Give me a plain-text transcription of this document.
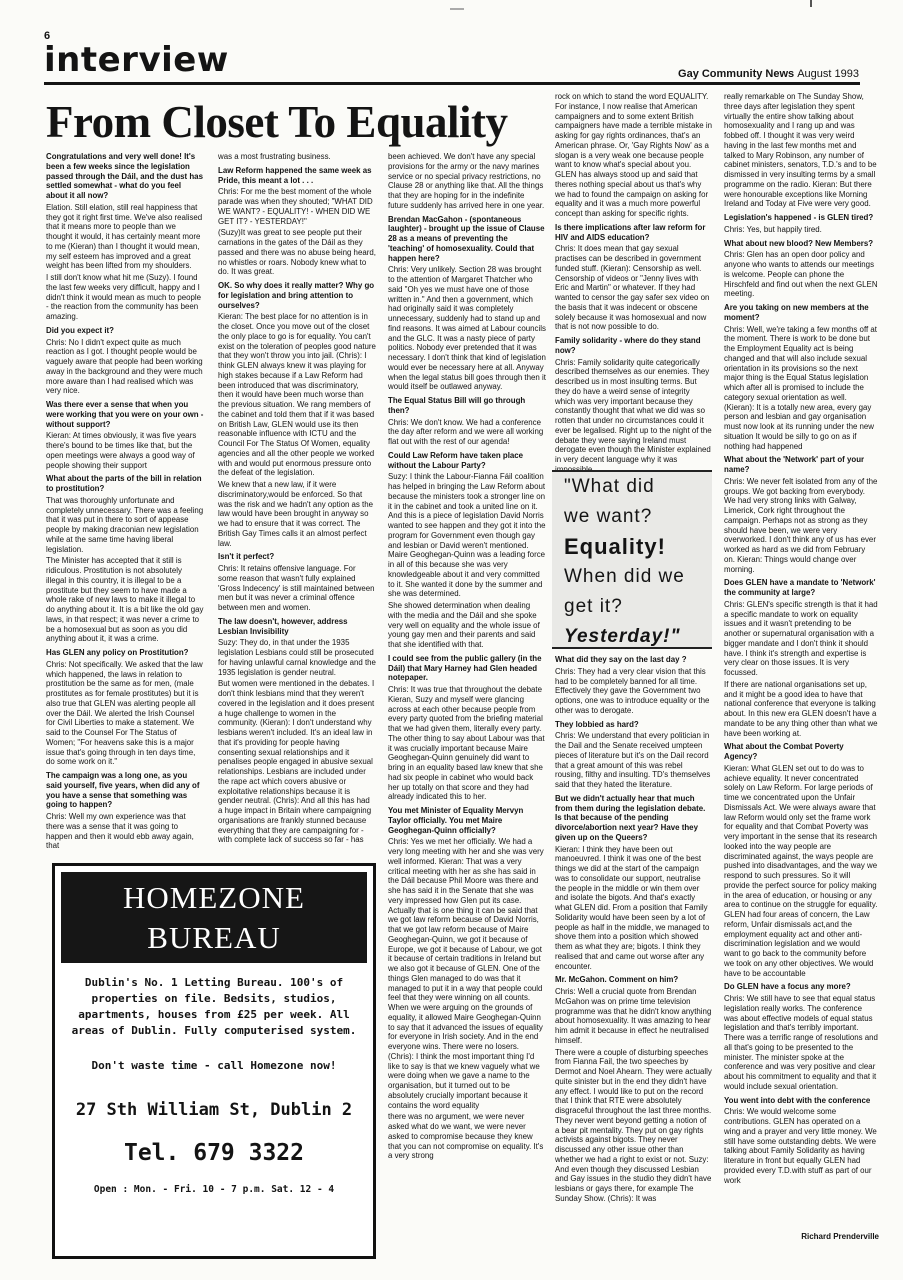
6
interview	Gay Community News August 1993
From Closet To Equality

Congratulations and very well done! It's been a few weeks since the legislation passed through the Dáil, and the dust has settled somewhat - what do you feel about it all now?

Elation. Still elation, still real happiness that they got it right first time. We've also realised that it means more to people than we thought it would, it has certainly meant more to me (Kieran) than I thought it would mean, my self esteem has improved and a great weight has been lifted from my shoulders.

I still don't know what hit me (Suzy). I found the last few weeks very difficult, happy and I didn't think it would mean as much to people - the reaction from the community has been amazing.

Did you expect it?

Chris: No I didn't expect quite as much reaction as I got. I thought people would be vaguely aware that people had been working away in the background and they were much more aware than I had realised which was very nice.

Was there ever a sense that when you were working that you were on your own - without support?

Kieran: At times obviously, it was five years there's bound to be times like that, but the open meetings were always a good way of people showing their support

What about the parts of the bill in relation to prostitution?

That was thoroughly unfortunate and completely unnecessary. There was a feeling that it was put in there to sort of appease people by making draconian new legislation while at the same time having liberal legislation.

The Minister has accepted that it still is ridiculous. Prostitution is not absolutely illegal in this country, it is illegal to be a prostitute but they seem to have made a whole rake of new laws to make it illegal to do anything about it. It is a bit like the old gay laws, in that respect; it was never a crime to be a homosexual but as soon as you did anything about it, it was a crime.

Has GLEN any policy on Prostitution?

Chris: Not specifically. We asked that the law which happened, the laws in relation to prostitution be the same as for men, (male prostitutes as for female prostitutes) but it is also true that GLEN was alerting people all over the Dáil. We alerted the Irish Counsel for Civil Liberties to make a statement. We said to the Counsel For The Status of Women; "For heavens sake this is a major issue that's going through in ten days time, do some work on it."

The campaign was a long one, as you said yourself, five years, when did any of you have a sense that something was going to happen?

Chris: Well my own experience was that there was a sense that it was going to happen and then it would ebb away again, that

was a most frustrating business.

Law Reform happened the same week as Pride, this meant a lot . . .

Chris: For me the best moment of the whole parade was when they shouted; "WHAT DID WE WANT? - EQUALITY! - WHEN DID WE GET IT? - YESTERDAY!"

(Suzy)It was great to see people put their carnations in the gates of the Dáil as they passed and there was no abuse being heard, no whistles or roars. Nobody knew what to do. It was great.

OK. So why does it really matter? Why go for legislation and bring attention to ourselves?

Kieran: The best place for no attention is in the closet. Once you move out of the closet the only place to go is for equality. You can't exist on the toleration of peoples good nature that they won't throw you into jail. (Chris): I think GLEN always knew it was playing for high stakes because if a Law Reform had been introduced that was discriminatory, then it would have been much worse than the previous situation. We rang members of the cabinet and told them that if it was based on British Law, GLEN would use its then reasonable influence with ICTU and the Council For The Status Of Women, equality agencies and all the other people we worked with and would put enormous pressure onto the defeat of the legislation.

We knew that a new law, if it were discriminatory,would be enforced. So that was the risk and we hadn't any option as the law would have been brought in anyway so we had to ensure that it was correct. The British Gay Times calls it an almost perfect law.

Isn't it perfect?

Chris: It retains offensive language. For some reason that wasn't fully explained 'Gross Indecency' is still maintained between men but it was never a criminal offence between men and women.

The law doesn't, however, address Lesbian Invisibility

Suzy: They do, in that under the 1935 legislation Lesbians could still be prosecuted for having unlawful carnal knowledge and the 1935 legislation is gender neutral.

But women were mentioned in the debates. I don't think lesbians mind that they weren't covered in the legislation and it does present a huge challenge to women in the community. (Kieran): I don't understand why lesbians weren't included. It's an ideal law in that it's providing for people having consenting sexual relationships and it penalises people engaged in abusive sexual relationships. Lesbians are included under the rape act which covers abusive or exploitative relationships because it is gender neutral. (Chris): And all this has had a huge impact in Britain where campaigning organisations are frankly stunned because everything that they are campaigning for - with complete lack of success so far - has

been achieved. We don't have any special provisions for the army or the navy marines service or no special privacy restrictions, no Clause 28 or anything like that. All the things that they are hoping for in the indefinite future suddenly has arrived here in one year.

Brendan MacGahon - (spontaneous laughter) - brought up the issue of Clause 28 as a means of preventing the 'teaching' of homosexuality. Could that happen here?

Chris: Very unlikely. Section 28 was brought to the attention of Margaret Thatcher who said "Oh yes we must have one of those written in." And then a government, which had originally said it was completely unnecessary, suddenly had to stand up and find reasons. It was aimed at Labour councils and the GLC. It was a nasty piece of party politics. Nobody ever pretended that it was necessary. I don't think that kind of legislation would ever be necessary here at all. Anyway when the legal status bill goes through then it would itself be outlawed anyway.

The Equal Status Bill will go through then?

Chris: We don't know. We had a conference the day after reform and we were all working flat out with the rest of our agenda!

Could Law Reform have taken place without the Labour Party?

Suzy: I think the Labour-Fianna Fáil coalition has helped in bringing the Law Reform about because the ministers took a stronger line on it in the cabinet and took a united line on it. And this is a piece of legislation David Norris wanted to see happen and they got it into the program for Government even though gay and lesbian or David weren't mentioned. Maire Geoghegan-Quinn was a leading force in all of this because she was very knowledgeable about it and very committed to it. She wanted it done by the summer and she was determined.

She showed determination when dealing with the media and the Dáil and she spoke very well on equality and the whole issue of young gay men and their parents and said that she identified with that.

I could see from the public gallery (in the Dáil) that Mary Harney had Glen headed notepaper.

Chris: It was true that throughout the debate Kieran, Suzy and myself were glancing across at each other because people from every party quoted from the briefing material that we had given them, literally every party. The other thing to say about Labour was that it was crucially important because Maire Geoghegan-Quinn genuinely did want to bring in an equality based law knew that she had six people in cabinet who would back her up totally on that score and they had already indicated this to her.

You met Minister of Equality Mervyn Taylor officially. You met Maire Geoghegan-Quinn officially?

Chris: Yes we met her officially. We had a very long meeting with her and she was very well informed. Kieran: That was a very critical meeting with her as she has said in the Dáil because Phil Moore was there and she has said it in the Senate that she was very impressed how Glen put its case. Actually that is one thing it can be said that we got law reform because of David Norris, that we got law reform because of Maire Geoghegan-Quinn, we got it because of Europe, we got it because of Labour, we got it because of certain traditions in Ireland but we also got it because of GLEN. One of the things Glen managed to do was that it managed to put it in a way that people could feel that they were winning on all counts. When we were arguing on the grounds of equality, it allowed Maire Geoghegan-Quinn to say that it advanced the issues of equality for everyone in Irish society. And in the end everyone wins. There were no losers. (Chris): I think the most important thing I'd like to say is that we knew vaguely what we were doing when we gave a name to the organisation, but it turned out to be absolutely crucially important because it contains the word equality

there was no argument, we were never asked what do we want, we were never asked to compromise because they knew that you can not compromise on equality. It's a very strong

rock on which to stand the word EQUALITY. For instance, I now realise that American campaigners and to some extent British campaigners have made a terrible mistake in asking for gay rights ordinances, that's an American phrase. Or, 'Gay Rights Now' as a slogan is a very weak one because people want to know what's special about you. GLEN has always stood up and said that theres nothing special about us that's why we had to found the campaign on asking for equality and it was a much more powerful concept than asking for specific rights.

Is there implications after law reform for HIV and AIDS education?

Chris: It does mean that gay sexual practises can be described in government funded stuff. (Kieran): Censorship as well. Censorship of videos or "Jenny lives with Eric and Martin" or whatever. If they had wanted to censor the gay safer sex video on the basis that it was indecent or obscene solely because it was homosexual and now that is not now possible to do.

Family solidarity - where do they stand now?

Chris: Family solidarity quite categorically described themselves as our enemies. They described us in most insulting terms. But they do have a weird sense of integrity which was very important because they constantly thought that what we did was so rotten that under no circumstances could it ever be legalised. Right up to the night of the debate they were saying Ireland must derogate even though the Minister explained in very decent language why it was

What did they say on the last day ?

Chris: They had a very clear vision that this had to be completely banned for all time. Effectively they gave the Government two options, one was to introduce equality or the other was to derogate.

They lobbied as hard?

Chris: We understand that every politician in the Dail and the Senate received umpteen pieces of literature but it's on the Dail record that a great amount of this was rebel rousing, filthy and insulting. TD's themselves said that they hated the literature.

But we didn't actually hear that much from them during the legislation debate. Is that because of the pending divorce/abortion next year? Have they given up on the Queers?

Kieran: I think they have been out manoeuvred. I think it was one of the best things we did at the start of the campaign was to consolidate our support, neutralise the people in the middle or win them over and isolate the bigots. And that's exactly what GLEN did. From a position that Family Solidarity would have been seen by a lot of people as half in the middle, we managed to shove them into a position which showed them as what they are; bigots. I think they realised that and came out worse after any encounter.

Mr. McGahon. Comment on him?

Chris: Well a crucial quote from Brendan McGahon was on prime time television programme was that he didn't know anything about homosexuality. It was amazing to hear him admit it because in effect he neutralised himself.

There were a couple of disturbing speeches from Fianna Fail, the two speeches by Dermot and Noel Ahearn. They were actually quite sinister but in the end they didn't have any effect. I would like to put on the record that I think that RTE were absolutely disgraceful throughout the last three months. They never went beyond getting a notion of a bear pit mentality. They put on gay rights activists against bigots. They never discussed any other issue other than whether we had a right to exist or not. Suzy: And even though they discussed Lesbian and Gay issues in the studio they didn't have lesbians or gays there, for example The Sunday Show. (Chris): It was

really remarkable on The Sunday Show, three days after legislation they spent virtually the entire show talking about homosexuality and I rang up and was fobbed off. I thought it was very weird having in the last few months met and talked to Mary Robinson, any number of cabinet ministers, senators, T.D.'s and to be dismissed in very insulting terms by a small programme on the radio. Kieran: But there were honourable exceptions like Morning Ireland and Today at Five were very good.

Legislation's happened - is GLEN tired?

Chris: Yes, but happily tired.

What about new blood? New Members?

Chris: Glen has an open door policy and anyone who wants to attends our meetings is welcome. People can phone the Hirschfeld and find out when the next GLEN meeting.

Are you taking on new members at the moment?

Chris: Well, we're taking a few months off at the moment. There is work to be done but the Employment Equality act is being changed and that will also include sexual orientation in its provisions so the next major thing is the Equal Status legislation which after all is promised to include the category sexual orientation as well. (Kieran): It is a totally new area, every gay person and lesbian and gay organisation must now look at its running under the new situation It would be silly to go on as if nothing had happened

What about the 'Network' part of your name?

Chris: We never felt isolated from any of the groups. We got backing from everybody. We had very strong links with Galway, Limerick, Cork right throughout the campaign. Perhaps not as strong as they should have been, we were very overworked. I don't think any of us has ever worked as hard as we did from February on. Kieran: Things would change over morning.

Does GLEN have a mandate to 'Network' the community at large?

Chris: GLEN's specific strength is that it had a specific mandate to work on equality issues and it wasn't pretending to be another or supernatural organisation with a bigger mandate and I don't think it should have. I think it's strength and expertise is very clear on those issues. It is very focussed.

If there are national organisations set up, and it might be a good idea to have that national conference that everyone is talking about. In this new era GLEN doesn't have a mandate to be any thing other than what we have been working at.

What about the Combat Poverty Agency?

Kieran: What GLEN set out to do was to achieve equality. It never concentrated solely on Law Reform. For large periods of time we concentrated upon the Unfair Dismissals Act. We were always aware that law Reform would only set the frame work for equality and that Combat Poverty was very important in the sense that its research looked into the way people are discriminated against, the ways people are pushed into disadvantages, and the way we respond to such pressures. So it will provide the perfect source for policy making in the area of education, or housing or any area to continue on the struggle for equality. GLEN had four areas of concern, the Law reform, Unfair dismissals act,and the employment equality act and other anti-discrimination legislation and we would want to go back to the community before we took on any other objectives. We would have to be accountable

Do GLEN have a focus any more?

Chris: We still have to see that equal status legislation really works. The conference was about effective models of equal status legislation and that's terribly important. There was a terrific range of resolutions and all that's going to be presented to the minister. The minister spoke at the conference and was very positive and clear about his commitment to equality and that it would include sexual orientation.

You went into debt with the conference

Chris: We would welcome some contributions. GLEN has operated on a wing and a prayer and very little money. We still have some outstanding debts. We were talking about Family Solidarity as having literature in front but equally GLEN had provided every T.D.with stuff as part of our work

"What did
we want?
Equality!
When did we
get it?
Yesterday!"
HOMEZONE
BUREAU
Dublin's No. 1 Letting Bureau. 100's of properties on file. Bedsits, studios, apartments, houses from £25 per week. All areas of Dublin. Fully computerised system.
Don't waste time - call Homezone now!
27 Sth William St, Dublin 2
Tel. 679 3322
Open : Mon. - Fri. 10 - 7 p.m. Sat. 12 - 4
Richard Prenderville
